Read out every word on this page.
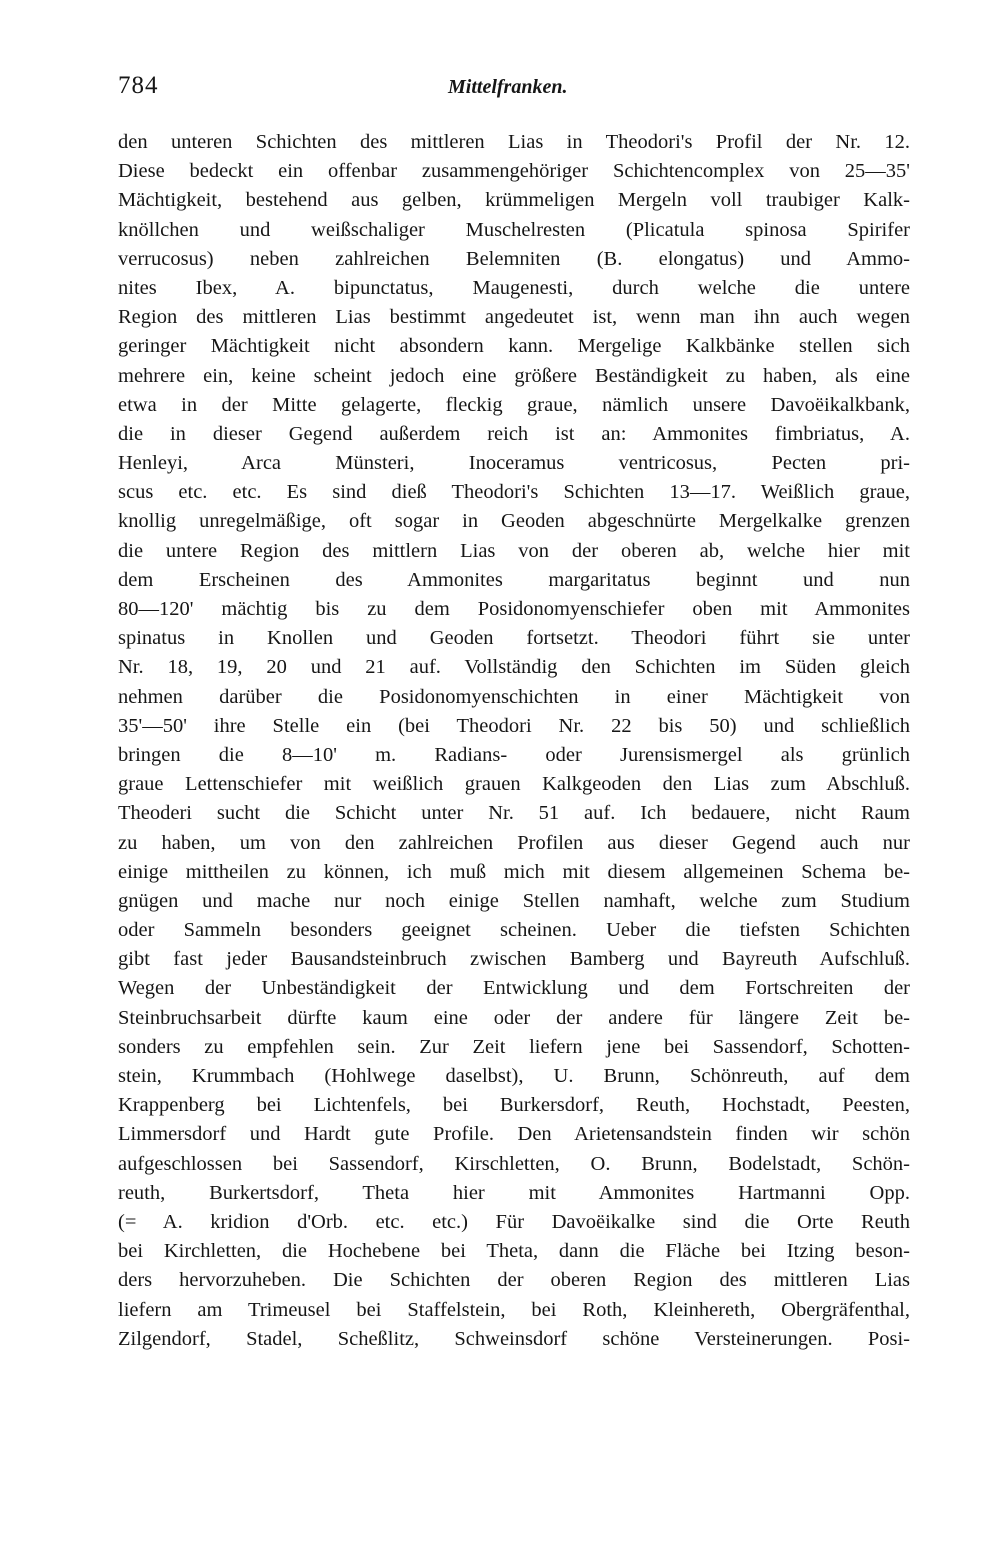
784	Mittelfranken.
den unteren Schichten des mittleren Lias in Theodori's Profil der Nr. 12.
Diese bedeckt ein offenbar zusammengehöriger Schichtencomplex von 25—35'
Mächtigkeit, bestehend aus gelben, krümmeligen Mergeln voll traubiger Kalk-
knöllchen und weißschaliger Muschelresten (Plicatula spinosa Spirifer
verrucosus) neben zahlreichen Belemniten (B. elongatus) und Ammo-
nites Ibex, A. bipunctatus, Maugenesti, durch welche die untere
Region des mittleren Lias bestimmt angedeutet ist, wenn man ihn auch wegen
geringer Mächtigkeit nicht absondern kann. Mergelige Kalkbänke stellen sich
mehrere ein, keine scheint jedoch eine größere Beständigkeit zu haben, als eine
etwa in der Mitte gelagerte, fleckig graue, nämlich unsere Davoëikalkbank,
die in dieser Gegend außerdem reich ist an: Ammonites fimbriatus, A.
Henleyi, Arca Münsteri, Inoceramus ventricosus, Pecten pri-
scus etc. etc. Es sind dieß Theodori's Schichten 13—17. Weißlich graue,
knollig unregelmäßige, oft sogar in Geoden abgeschnürte Mergelkalke grenzen
die untere Region des mittlern Lias von der oberen ab, welche hier mit
dem Erscheinen des Ammonites margaritatus beginnt und nun
80—120' mächtig bis zu dem Posidonomyenschiefer oben mit Ammonites
spinatus in Knollen und Geoden fortsetzt. Theodori führt sie unter
Nr. 18, 19, 20 und 21 auf. Vollständig den Schichten im Süden gleich
nehmen darüber die Posidonomyenschichten in einer Mächtigkeit von
35'—50' ihre Stelle ein (bei Theodori Nr. 22 bis 50) und schließlich
bringen die 8—10' m. Radians- oder Jurensismergel als grünlich
graue Lettenschiefer mit weißlich grauen Kalkgeoden den Lias zum Abschluß.
Theoderi sucht die Schicht unter Nr. 51 auf. Ich bedauere, nicht Raum
zu haben, um von den zahlreichen Profilen aus dieser Gegend auch nur
einige mittheilen zu können, ich muß mich mit diesem allgemeinen Schema be-
gnügen und mache nur noch einige Stellen namhaft, welche zum Studium
oder Sammeln besonders geeignet scheinen. Ueber die tiefsten Schichten
gibt fast jeder Bausandsteinbruch zwischen Bamberg und Bayreuth Aufschluß.
Wegen der Unbeständigkeit der Entwicklung und dem Fortschreiten der
Steinbruchsarbeit dürfte kaum eine oder der andere für längere Zeit be-
sonders zu empfehlen sein. Zur Zeit liefern jene bei Sassendorf, Schotten-
stein, Krummbach (Hohlwege daselbst), U. Brunn, Schönreuth, auf dem
Krappenberg bei Lichtenfels, bei Burkersdorf, Reuth, Hochstadt, Peesten,
Limmersdorf und Hardt gute Profile. Den Arietensandstein finden wir schön
aufgeschlossen bei Sassendorf, Kirschletten, O. Brunn, Bodelstadt, Schön-
reuth, Burkertsdorf, Theta hier mit Ammonites Hartmanni Opp.
(= A. kridion d'Orb. etc. etc.) Für Davoëikalke sind die Orte Reuth
bei Kirchletten, die Hochebene bei Theta, dann die Fläche bei Itzing beson-
ders hervorzuheben. Die Schichten der oberen Region des mittleren Lias
liefern am Trimeusel bei Staffelstein, bei Roth, Kleinhereth, Obergräfenthal,
Zilgendorf, Stadel, Scheßlitz, Schweinsdorf schöne Versteinerungen. Posi-
